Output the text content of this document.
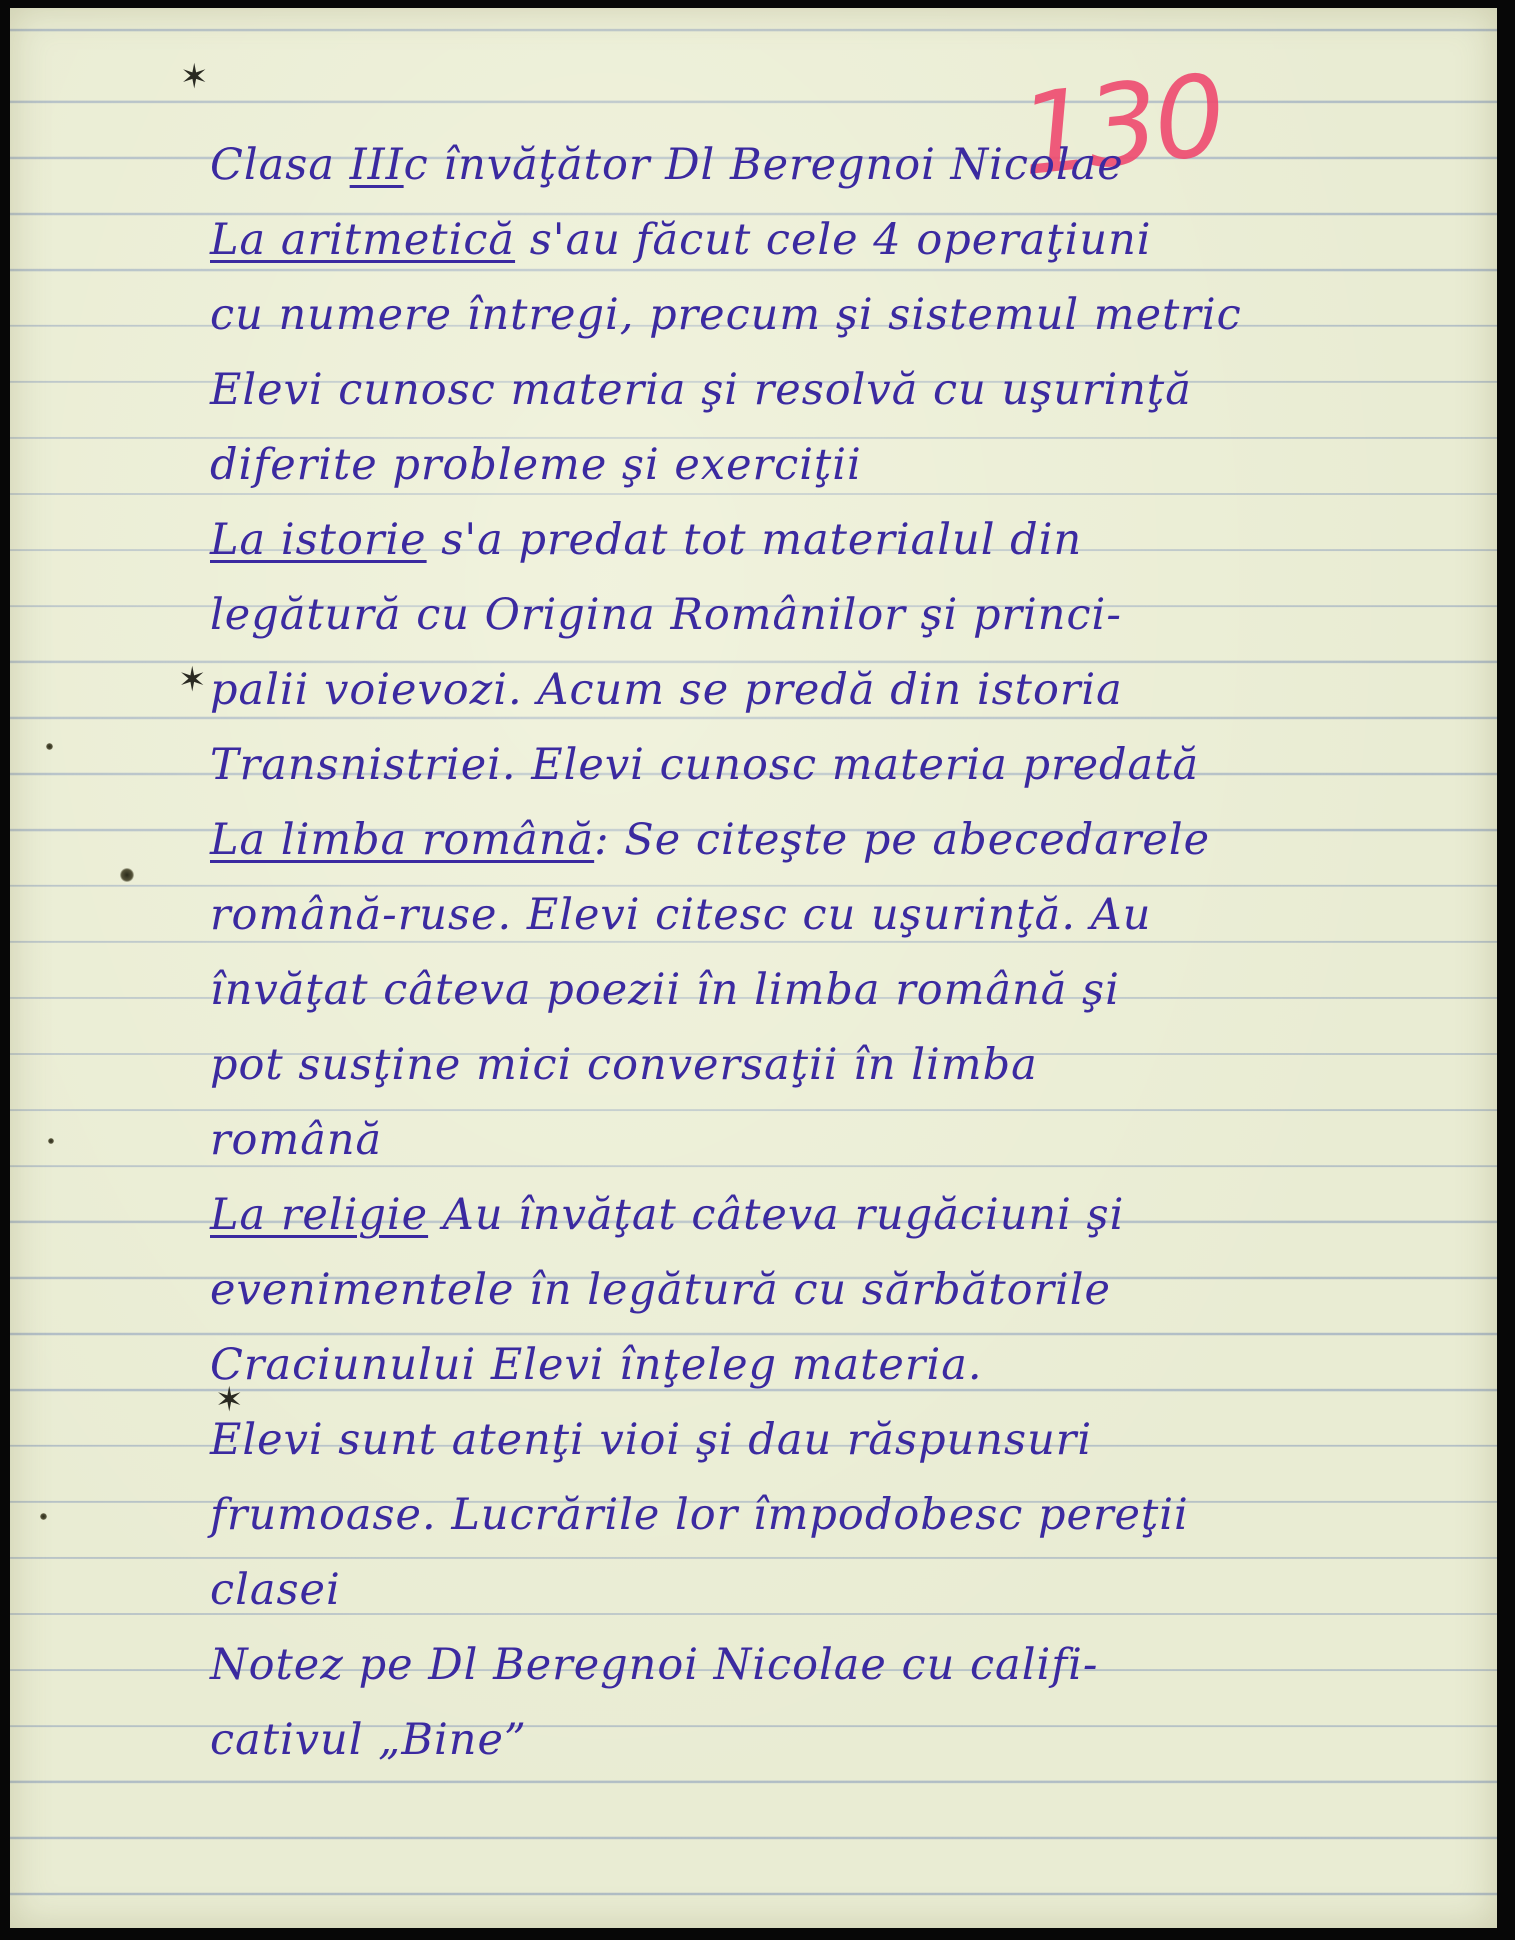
130
✶
✶
✶
Clasa IIIc învăţător Dl Beregnoi Nicolae
La aritmetică s'au făcut cele 4 operaţiuni
cu numere întregi, precum şi sistemul metric
Elevi cunosc materia şi resolvă cu uşurinţă
diferite probleme şi exerciţii
La istorie s'a predat tot materialul din
legătură cu Origina Românilor şi princi-
palii voievozi. Acum se predă din istoria
Transnistriei. Elevi cunosc materia predată
La limba română: Se citeşte pe abecedarele
română-ruse. Elevi citesc cu uşurinţă. Au
învăţat câteva poezii în limba română şi
pot susţine mici conversaţii în limba
română
La religie Au învăţat câteva rugăciuni şi
evenimentele în legătură cu sărbătorile
Craciunului Elevi înţeleg materia.
Elevi sunt atenţi vioi şi dau răspunsuri
frumoase. Lucrările lor împodobesc pereţii
clasei
Notez pe Dl Beregnoi Nicolae cu califi-
cativul „Bine”
